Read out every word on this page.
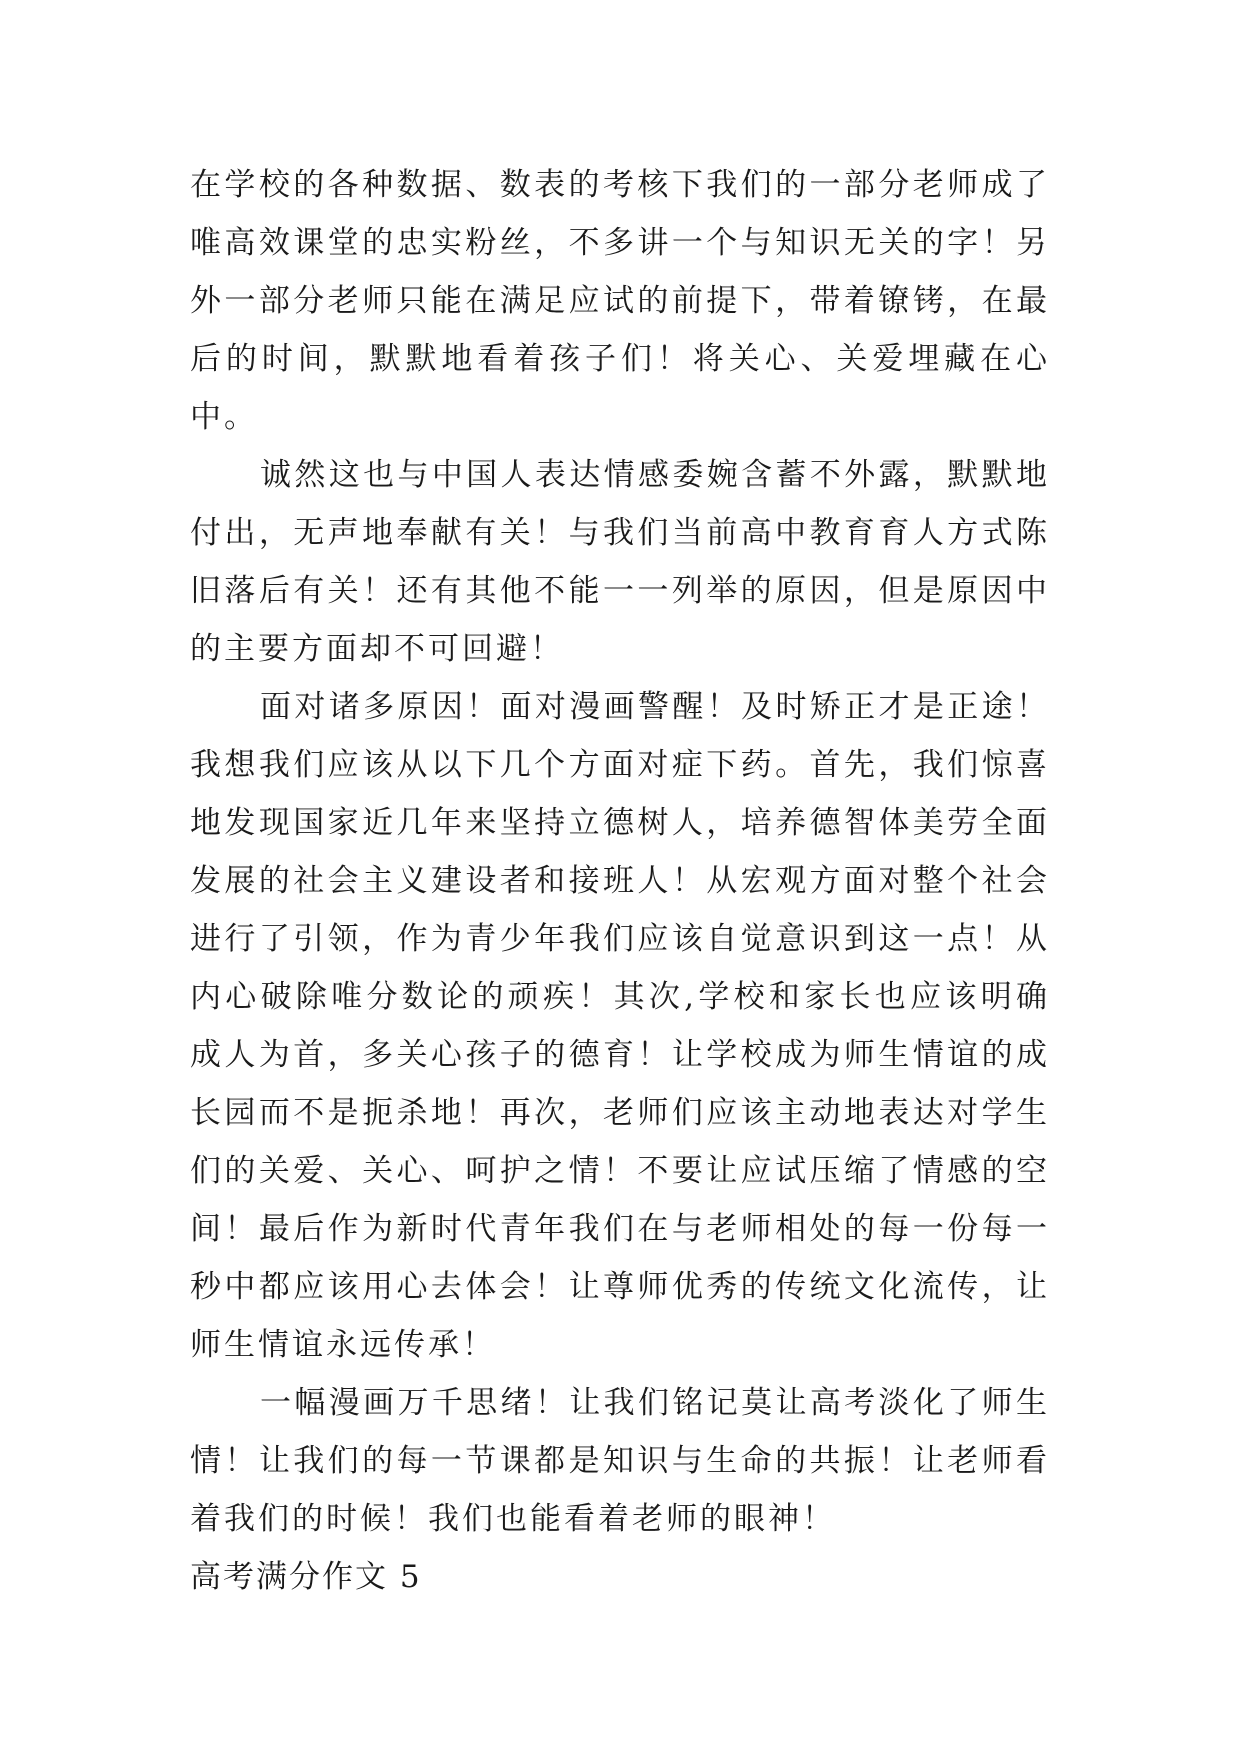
在学校的各种数据、数表的考核下我们的一部分老师成了唯高效课堂的忠实粉丝，不多讲一个与知识无关的字！另外一部分老师只能在满足应试的前提下，带着镣铐，在最后的时间，默默地看着孩子们！将关心、关爱埋藏在心中。

诚然这也与中国人表达情感委婉含蓄不外露，默默地付出，无声地奉献有关！与我们当前高中教育育人方式陈旧落后有关！还有其他不能一一列举的原因，但是原因中的主要方面却不可回避！

面对诸多原因！面对漫画警醒！及时矫正才是正途！我想我们应该从以下几个方面对症下药。首先，我们惊喜地发现国家近几年来坚持立德树人，培养德智体美劳全面发展的社会主义建设者和接班人！从宏观方面对整个社会进行了引领，作为青少年我们应该自觉意识到这一点！从内心破除唯分数论的顽疾！其次,学校和家长也应该明确成人为首，多关心孩子的德育！让学校成为师生情谊的成长园而不是扼杀地！再次，老师们应该主动地表达对学生们的关爱、关心、呵护之情！不要让应试压缩了情感的空间！最后作为新时代青年我们在与老师相处的每一份每一秒中都应该用心去体会！让尊师优秀的传统文化流传，让师生情谊永远传承！

一幅漫画万千思绪！让我们铭记莫让高考淡化了师生情！让我们的每一节课都是知识与生命的共振！让老师看着我们的时候！我们也能看着老师的眼神！

高考满分作文 5
